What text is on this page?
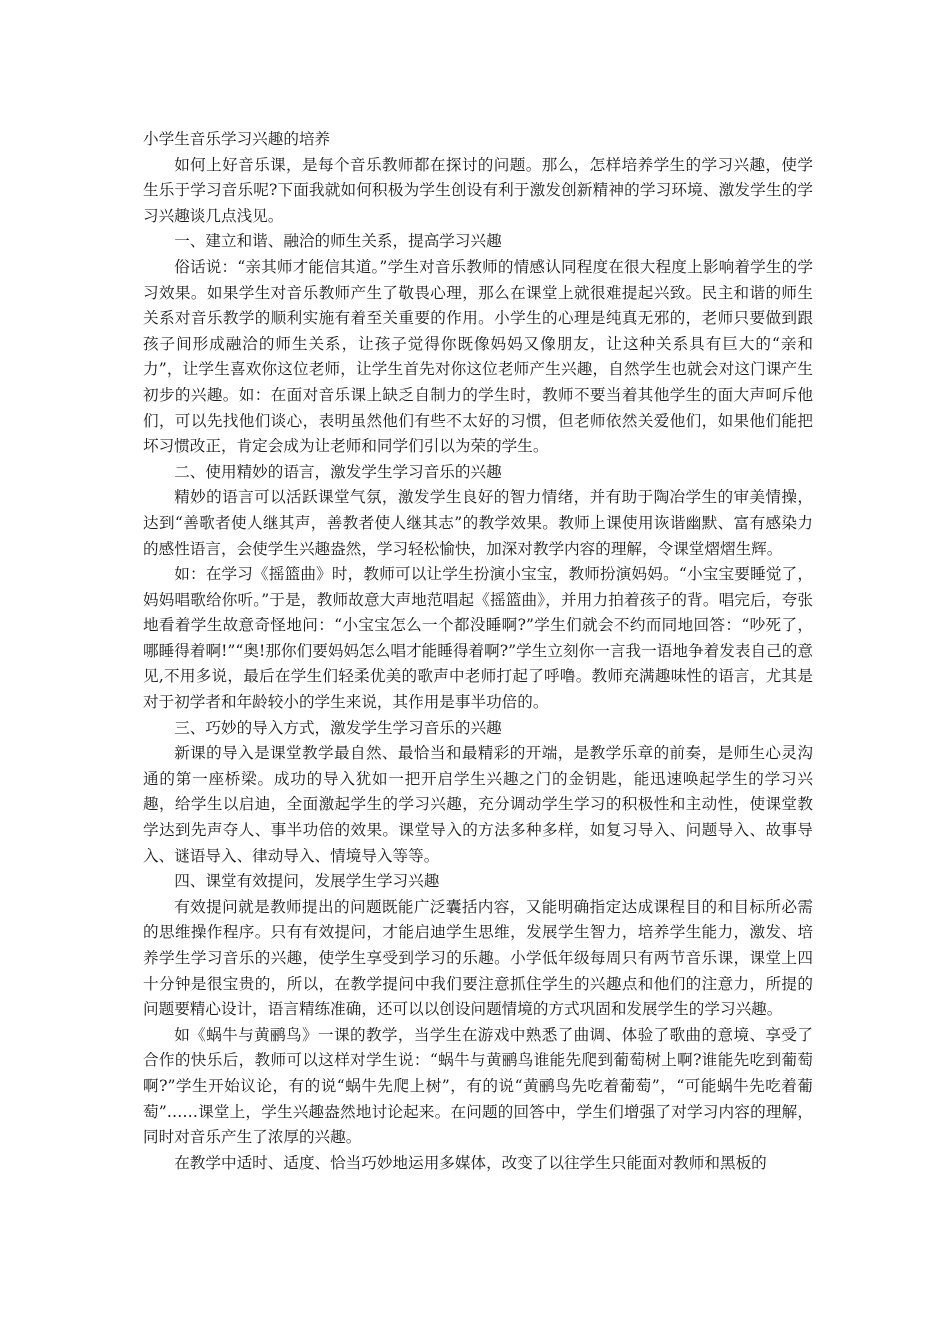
小学生音乐学习兴趣的培养

如何上好音乐课，是每个音乐教师都在探讨的问题。那么，怎样培养学生的学习兴趣，使学生乐于学习音乐呢?下面我就如何积极为学生创设有利于激发创新精神的学习环境、激发学生的学习兴趣谈几点浅见。

一、建立和谐、融洽的师生关系，提高学习兴趣

俗话说：“亲其师才能信其道。”学生对音乐教师的情感认同程度在很大程度上影响着学生的学习效果。如果学生对音乐教师产生了敬畏心理，那么在课堂上就很难提起兴致。民主和谐的师生关系对音乐教学的顺利实施有着至关重要的作用。小学生的心理是纯真无邪的，老师只要做到跟孩子间形成融洽的师生关系，让孩子觉得你既像妈妈又像朋友，让这种关系具有巨大的“亲和力”，让学生喜欢你这位老师，让学生首先对你这位老师产生兴趣，自然学生也就会对这门课产生初步的兴趣。如：在面对音乐课上缺乏自制力的学生时，教师不要当着其他学生的面大声呵斥他们，可以先找他们谈心，表明虽然他们有些不太好的习惯，但老师依然关爱他们，如果他们能把坏习惯改正，肯定会成为让老师和同学们引以为荣的学生。

二、使用精妙的语言，激发学生学习音乐的兴趣

精妙的语言可以活跃课堂气氛，激发学生良好的智力情绪，并有助于陶冶学生的审美情操，达到“善歌者使人继其声，善教者使人继其志”的教学效果。教师上课使用诙谐幽默、富有感染力的感性语言，会使学生兴趣盎然，学习轻松愉快，加深对教学内容的理解，令课堂熠熠生辉。

如：在学习《摇篮曲》时，教师可以让学生扮演小宝宝，教师扮演妈妈。“小宝宝要睡觉了，妈妈唱歌给你听。”于是，教师故意大声地范唱起《摇篮曲》，并用力拍着孩子的背。唱完后，夸张地看着学生故意奇怪地问：“小宝宝怎么一个都没睡啊?”学生们就会不约而同地回答：“吵死了，哪睡得着啊!”“奥!那你们要妈妈怎么唱才能睡得着啊?”学生立刻你一言我一语地争着发表自己的意见,不用多说，最后在学生们轻柔优美的歌声中老师打起了呼噜。教师充满趣味性的语言，尤其是对于初学者和年龄较小的学生来说，其作用是事半功倍的。

三、巧妙的导入方式，激发学生学习音乐的兴趣

新课的导入是课堂教学最自然、最恰当和最精彩的开端，是教学乐章的前奏，是师生心灵沟通的第一座桥梁。成功的导入犹如一把开启学生兴趣之门的金钥匙，能迅速唤起学生的学习兴趣，给学生以启迪，全面激起学生的学习兴趣，充分调动学生学习的积极性和主动性，使课堂教学达到先声夺人、事半功倍的效果。课堂导入的方法多种多样，如复习导入、问题导入、故事导入、谜语导入、律动导入、情境导入等等。

四、课堂有效提问，发展学生学习兴趣

有效提问就是教师提出的问题既能广泛囊括内容，又能明确指定达成课程目的和目标所必需的思维操作程序。只有有效提问，才能启迪学生思维，发展学生智力，培养学生能力，激发、培养学生学习音乐的兴趣，使学生享受到学习的乐趣。小学低年级每周只有两节音乐课，课堂上四十分钟是很宝贵的，所以，在教学提问中我们要注意抓住学生的兴趣点和他们的注意力，所提的问题要精心设计，语言精练准确，还可以以创设问题情境的方式巩固和发展学生的学习兴趣。

如《蜗牛与黄鹂鸟》一课的教学，当学生在游戏中熟悉了曲调、体验了歌曲的意境、享受了合作的快乐后，教师可以这样对学生说：“蜗牛与黄鹂鸟谁能先爬到葡萄树上啊?谁能先吃到葡萄啊?”学生开始议论，有的说“蜗牛先爬上树”，有的说“黄鹂鸟先吃着葡萄”，“可能蜗牛先吃着葡萄”……课堂上，学生兴趣盎然地讨论起来。在问题的回答中，学生们增强了对学习内容的理解，同时对音乐产生了浓厚的兴趣。

在教学中适时、适度、恰当巧妙地运用多媒体，改变了以往学生只能面对教师和黑板的
